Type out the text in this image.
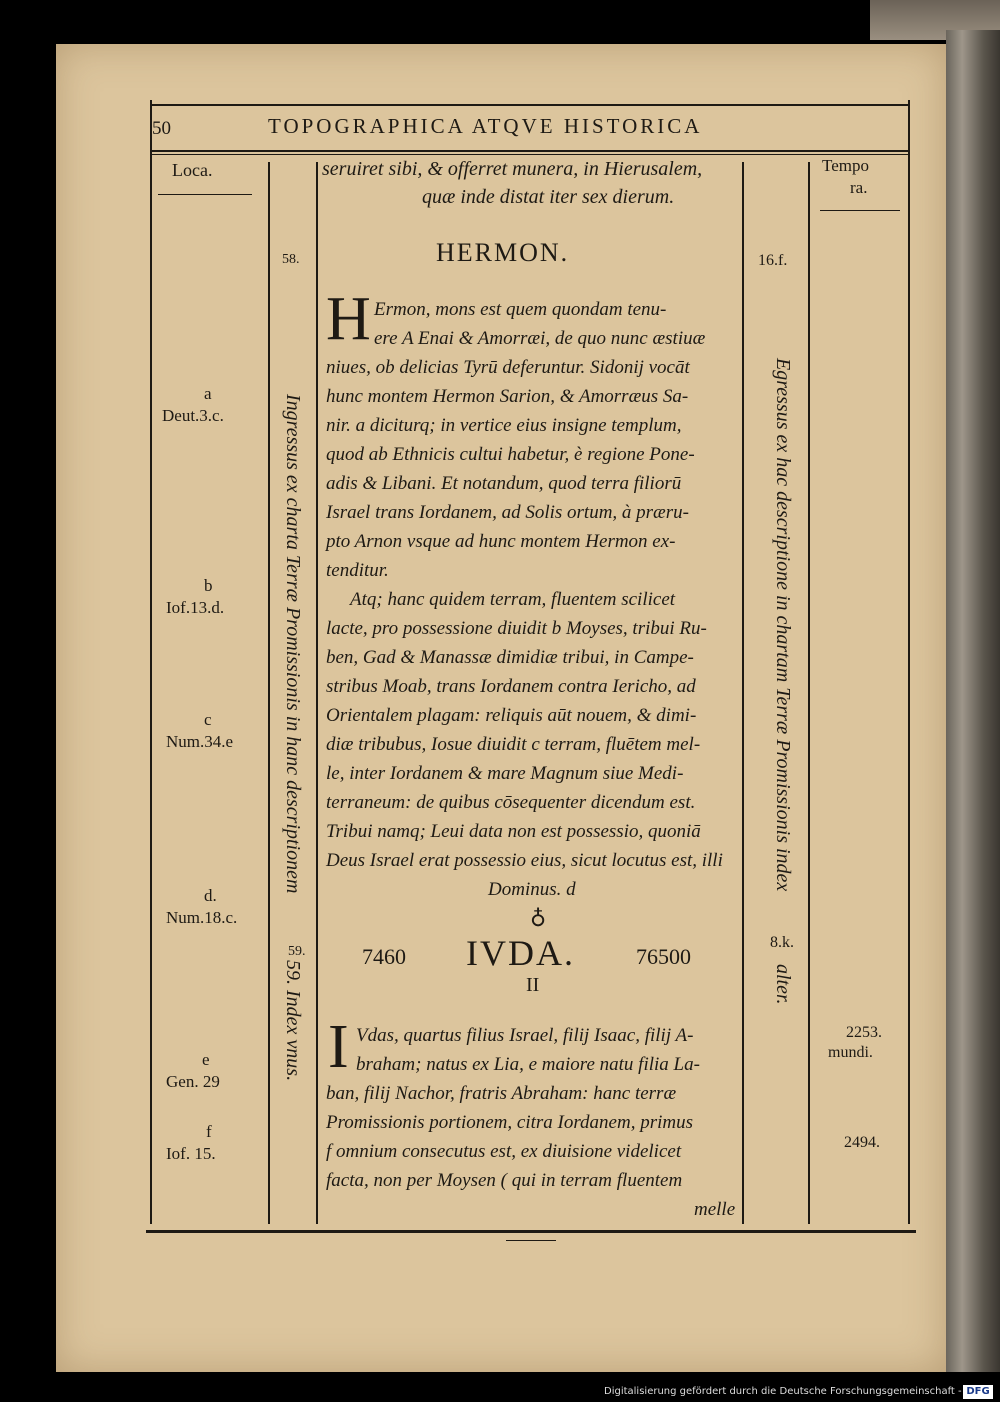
50	TOPOGRAPHICA ATQVE HISTORICA
Loca.	Tempo
ra.
seruiret sibi, & offerret munera, in Hierusalem,
quæ inde distat iter sex dierum.
58.	16.f.
59.
8.k.
HERMON.
H Ermon, mons est quem quondam tenu-
ere A Enai & Amorræi, de quo nunc æstiuæ
niues, ob delicias Tyrū deferuntur. Sidonij vocāt
hunc montem Hermon Sarion, & Amorræus Sa-
nir. a diciturq; in vertice eius insigne templum,
quod ab Ethnicis cultui habetur, è regione Pone-
adis & Libani. Et notandum, quod terra filiorū
Israel trans Iordanem, ad Solis ortum, à præru-
pto Arnon vsque ad hunc montem Hermon ex-
tenditur.
Atq; hanc quidem terram, fluentem scilicet
lacte, pro possessione diuidit b Moyses, tribui Ru-
ben, Gad & Manassæ dimidiæ tribui, in Campe-
stribus Moab, trans Iordanem contra Iericho, ad
Orientalem plagam: reliquis aūt nouem, & dimi-
diæ tribubus, Iosue diuidit c terram, fluētem mel-
le, inter Iordanem & mare Magnum siue Medi-
terraneum: de quibus cōsequenter dicendum est.
Tribui namq; Leui data non est possessio, quoniā
Deus Israel erat possessio eius, sicut locutus est, illi
Dominus. d
♁
7460 IVDA.	76500
II
I Vdas, quartus filius Israel, filij Isaac, filij A-
braham; natus ex Lia, e maiore natu filia La-
ban, filij Nachor, fratris Abraham: hanc terræ
Promissionis portionem, citra Iordanem, primus
f omnium consecutus est, ex diuisione videlicet
facta, non per Moysen ( qui in terram fluentem
melle
a
Deut.3.c.
b
Iof.13.d.
c
Num.34.e
d.
Num.18.c.
e
Gen. 29
f
Iof. 15.
2253.
mundi.
2494.
Ingressus ex charta Terræ Promissionis in hanc descriptionem
59. Index vnus.
Egressus ex hac descriptione in chartam Terræ Promissionis index
alter.
Digitalisierung gefördert durch die Deutsche Forschungsgemeinschaft - DFG
